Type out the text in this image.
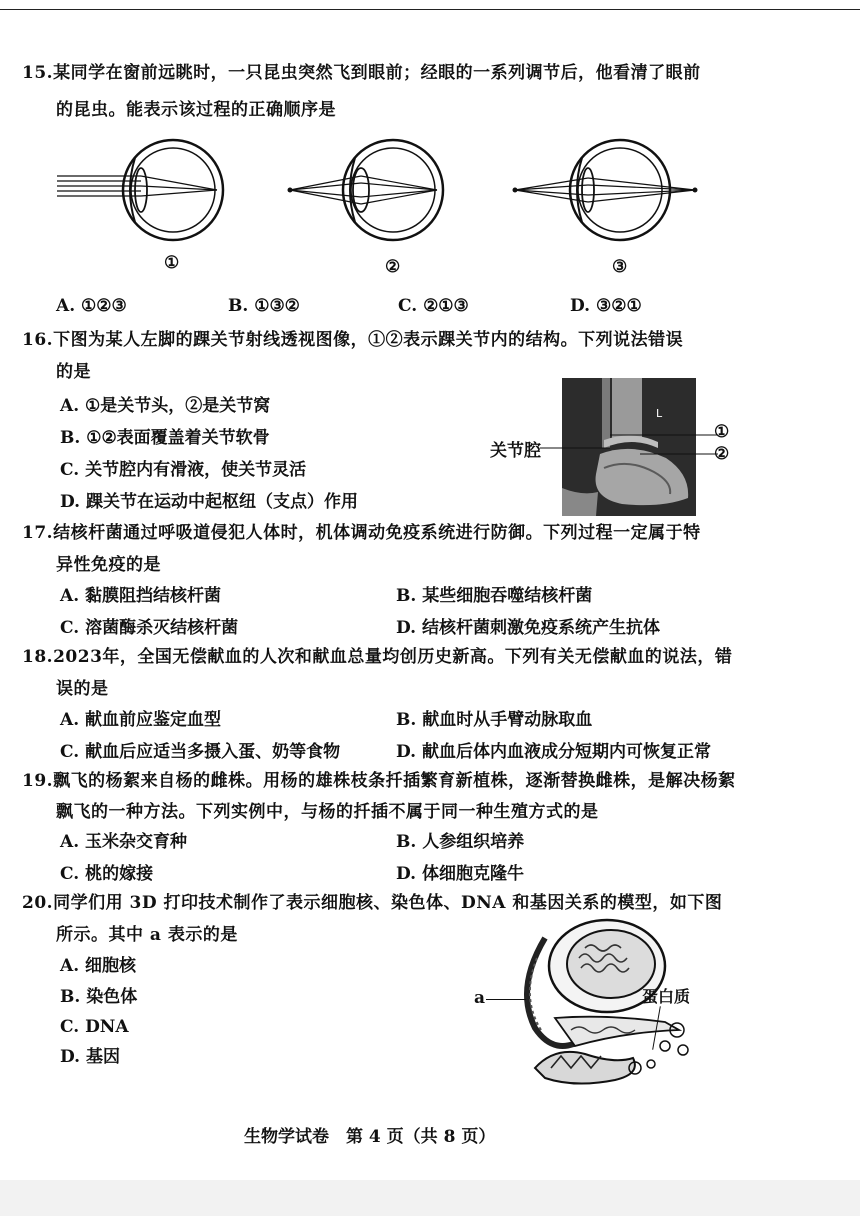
15.某同学在窗前远眺时，一只昆虫突然飞到眼前；经眼的一系列调节后，他看清了眼前
的昆虫。能表示该过程的正确顺序是
①	②	③
A. ①②③	B. ①③②	C. ②①③	D. ③②①
16.下图为某人左脚的踝关节射线透视图像，①②表示踝关节内的结构。下列说法错误
的是
A. ①是关节头，②是关节窝
B. ①②表面覆盖着关节软骨
C. 关节腔内有滑液，使关节灵活
D. 踝关节在运动中起枢纽（支点）作用
L
关节腔
①
②
17.结核杆菌通过呼吸道侵犯人体时，机体调动免疫系统进行防御。下列过程一定属于特
异性免疫的是
A. 黏膜阻挡结核杆菌	B. 某些细胞吞噬结核杆菌
C. 溶菌酶杀灭结核杆菌	D. 结核杆菌刺激免疫系统产生抗体
18.2023年，全国无偿献血的人次和献血总量均创历史新高。下列有关无偿献血的说法，错
误的是
A. 献血前应鉴定血型	B. 献血时从手臂动脉取血
C. 献血后应适当多摄入蛋、奶等食物	D. 献血后体内血液成分短期内可恢复正常
19.飘飞的杨絮来自杨的雌株。用杨的雄株枝条扦插繁育新植株，逐渐替换雌株，是解决杨絮
飘飞的一种方法。下列实例中，与杨的扦插不属于同一种生殖方式的是
A. 玉米杂交育种	B. 人参组织培养
C. 桃的嫁接	D. 体细胞克隆牛
20.同学们用 3D 打印技术制作了表示细胞核、染色体、DNA 和基因关系的模型，如下图
所示。其中 a 表示的是
A. 细胞核
B. 染色体
C. DNA
D. 基因
a	蛋白质
生物学试卷　第 4 页（共 8 页）
